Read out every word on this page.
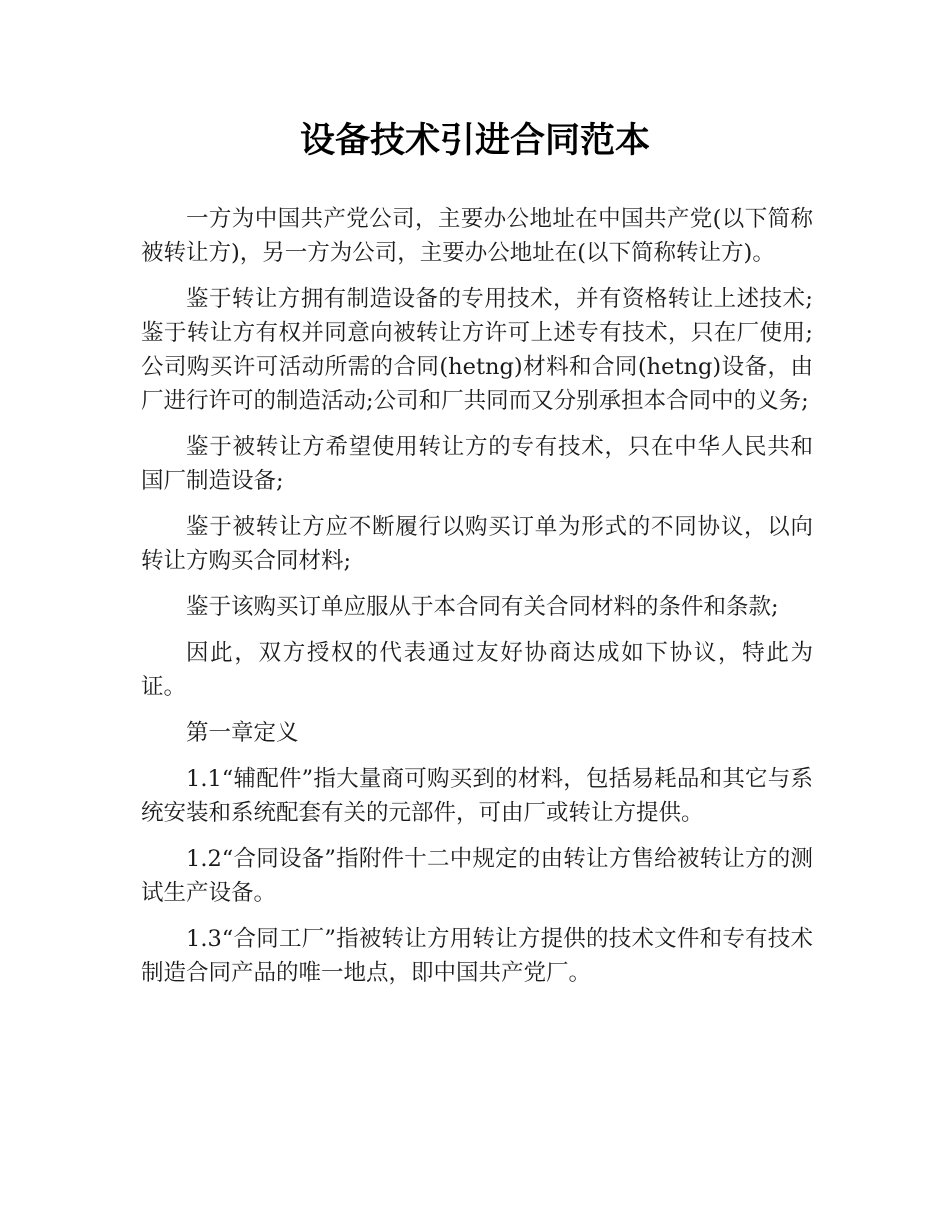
设备技术引进合同范本

一方为中国共产党公司，主要办公地址在中国共产党(以下简称被转让方)，另一方为公司，主要办公地址在(以下简称转让方)。

鉴于转让方拥有制造设备的专用技术，并有资格转让上述技术;鉴于转让方有权并同意向被转让方许可上述专有技术，只在厂使用;公司购买许可活动所需的合同(hetng)材料和合同(hetng)设备，由厂进行许可的制造活动;公司和厂共同而又分别承担本合同中的义务;

鉴于被转让方希望使用转让方的专有技术，只在中华人民共和国厂制造设备;

鉴于被转让方应不断履行以购买订单为形式的不同协议，以向转让方购买合同材料;

鉴于该购买订单应服从于本合同有关合同材料的条件和条款;

因此，双方授权的代表通过友好协商达成如下协议，特此为证。

第一章定义

1.1“辅配件”指大量商可购买到的材料，包括易耗品和其它与系统安装和系统配套有关的元部件，可由厂或转让方提供。

1.2“合同设备”指附件十二中规定的由转让方售给被转让方的测试生产设备。

1.3“合同工厂”指被转让方用转让方提供的技术文件和专有技术制造合同产品的唯一地点，即中国共产党厂。
